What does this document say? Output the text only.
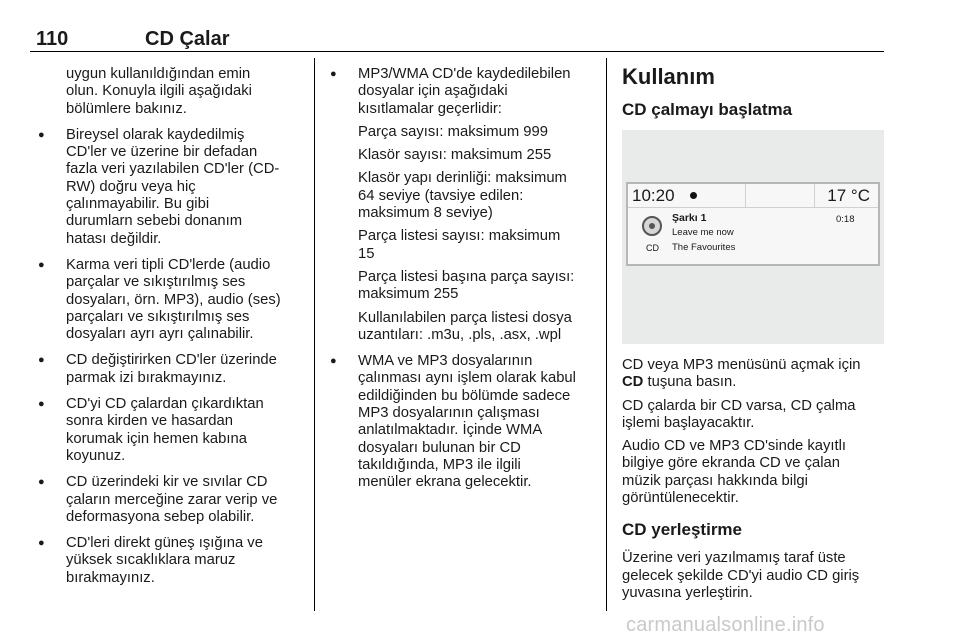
110	CD Çalar
uygun kullanıldığından emin
olun. Konuyla ilgili aşağıdaki
bölümlere bakınız.
● Bireysel olarak kaydedilmiş
CD'ler ve üzerine bir defadan
fazla veri yazılabilen CD'ler (CD-
RW) doğru veya hiç
çalınmayabilir. Bu gibi
durumlarn sebebi donanım
hatası değildir.
● Karma veri tipli CD'lerde (audio
parçalar ve sıkıştırılmış ses
dosyaları, örn. MP3), audio (ses)
parçaları ve sıkıştırılmış ses
dosyaları ayrı ayrı çalınabilir.
● CD değiştirirken CD'ler üzerinde
parmak izi bırakmayınız.
● CD'yi CD çalardan çıkardıktan
sonra kirden ve hasardan
korumak için hemen kabına
koyunuz.
● CD üzerindeki kir ve sıvılar CD
çaların merceğine zarar verip ve
deformasyona sebep olabilir.
● CD'leri direkt güneş ışığına ve
yüksek sıcaklıklara maruz
bırakmayınız.
● MP3/WMA CD'de kaydedilebilen
dosyalar için aşağıdaki
kısıtlamalar geçerlidir:
Parça sayısı: maksimum 999
Klasör sayısı: maksimum 255
Klasör yapı derinliği: maksimum
64 seviye (tavsiye edilen:
maksimum 8 seviye)
Parça listesi sayısı: maksimum
15
Parça listesi başına parça sayısı:
maksimum 255
Kullanılabilen parça listesi dosya
uzantıları: .m3u, .pls, .asx, .wpl
● WMA ve MP3 dosyalarının
çalınması aynı işlem olarak kabul
edildiğinden bu bölümde sadece
MP3 dosyalarının çalışması
anlatılmaktadır. İçinde WMA
dosyaları bulunan bir CD
takıldığında, MP3 ile ilgili
menüler ekrana gelecektir.
Kullanım
CD çalmayı başlatma
10:20	17 °C
CD
Şarkı 1
Leave me now
The Favourites
0:18
CD veya MP3 menüsünü açmak için
CD tuşuna basın.
CD çalarda bir CD varsa, CD çalma
işlemi başlayacaktır.
Audio CD ve MP3 CD'sinde kayıtlı
bilgiye göre ekranda CD ve çalan
müzik parçası hakkında bilgi
görüntülenecektir.
CD yerleştirme
Üzerine veri yazılmamış taraf üste
gelecek şekilde CD'yi audio CD giriş
yuvasına yerleştirin.
carmanualsonline.info
